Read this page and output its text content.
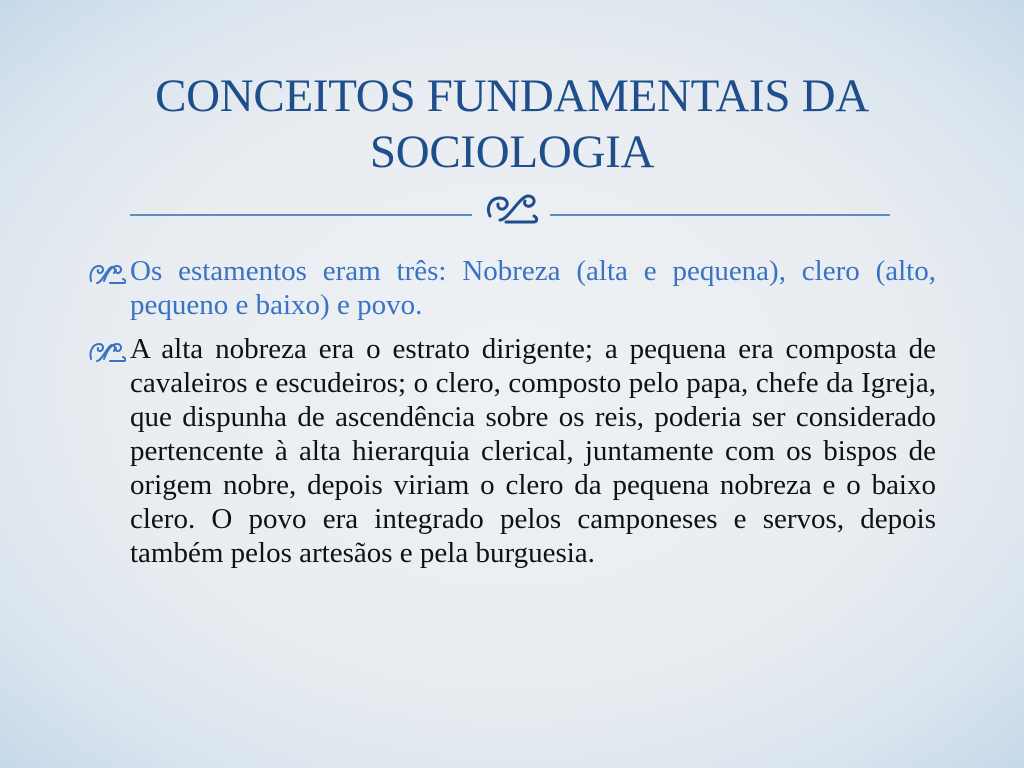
CONCEITOS FUNDAMENTAIS DA
SOCIOLOGIA
Os estamentos eram três: Nobreza (alta e pequena), clero (alto, pequeno e baixo) e povo.
A alta nobreza era o estrato dirigente; a pequena era composta de cavaleiros e escudeiros; o clero, composto pelo papa, chefe da Igreja, que dispunha de ascendência sobre os reis, poderia ser considerado pertencente à alta hierarquia clerical, juntamente com os bispos de origem nobre, depois viriam o clero da pequena nobreza e o baixo clero. O povo era integrado pelos camponeses e servos, depois também pelos artesãos e pela burguesia.
